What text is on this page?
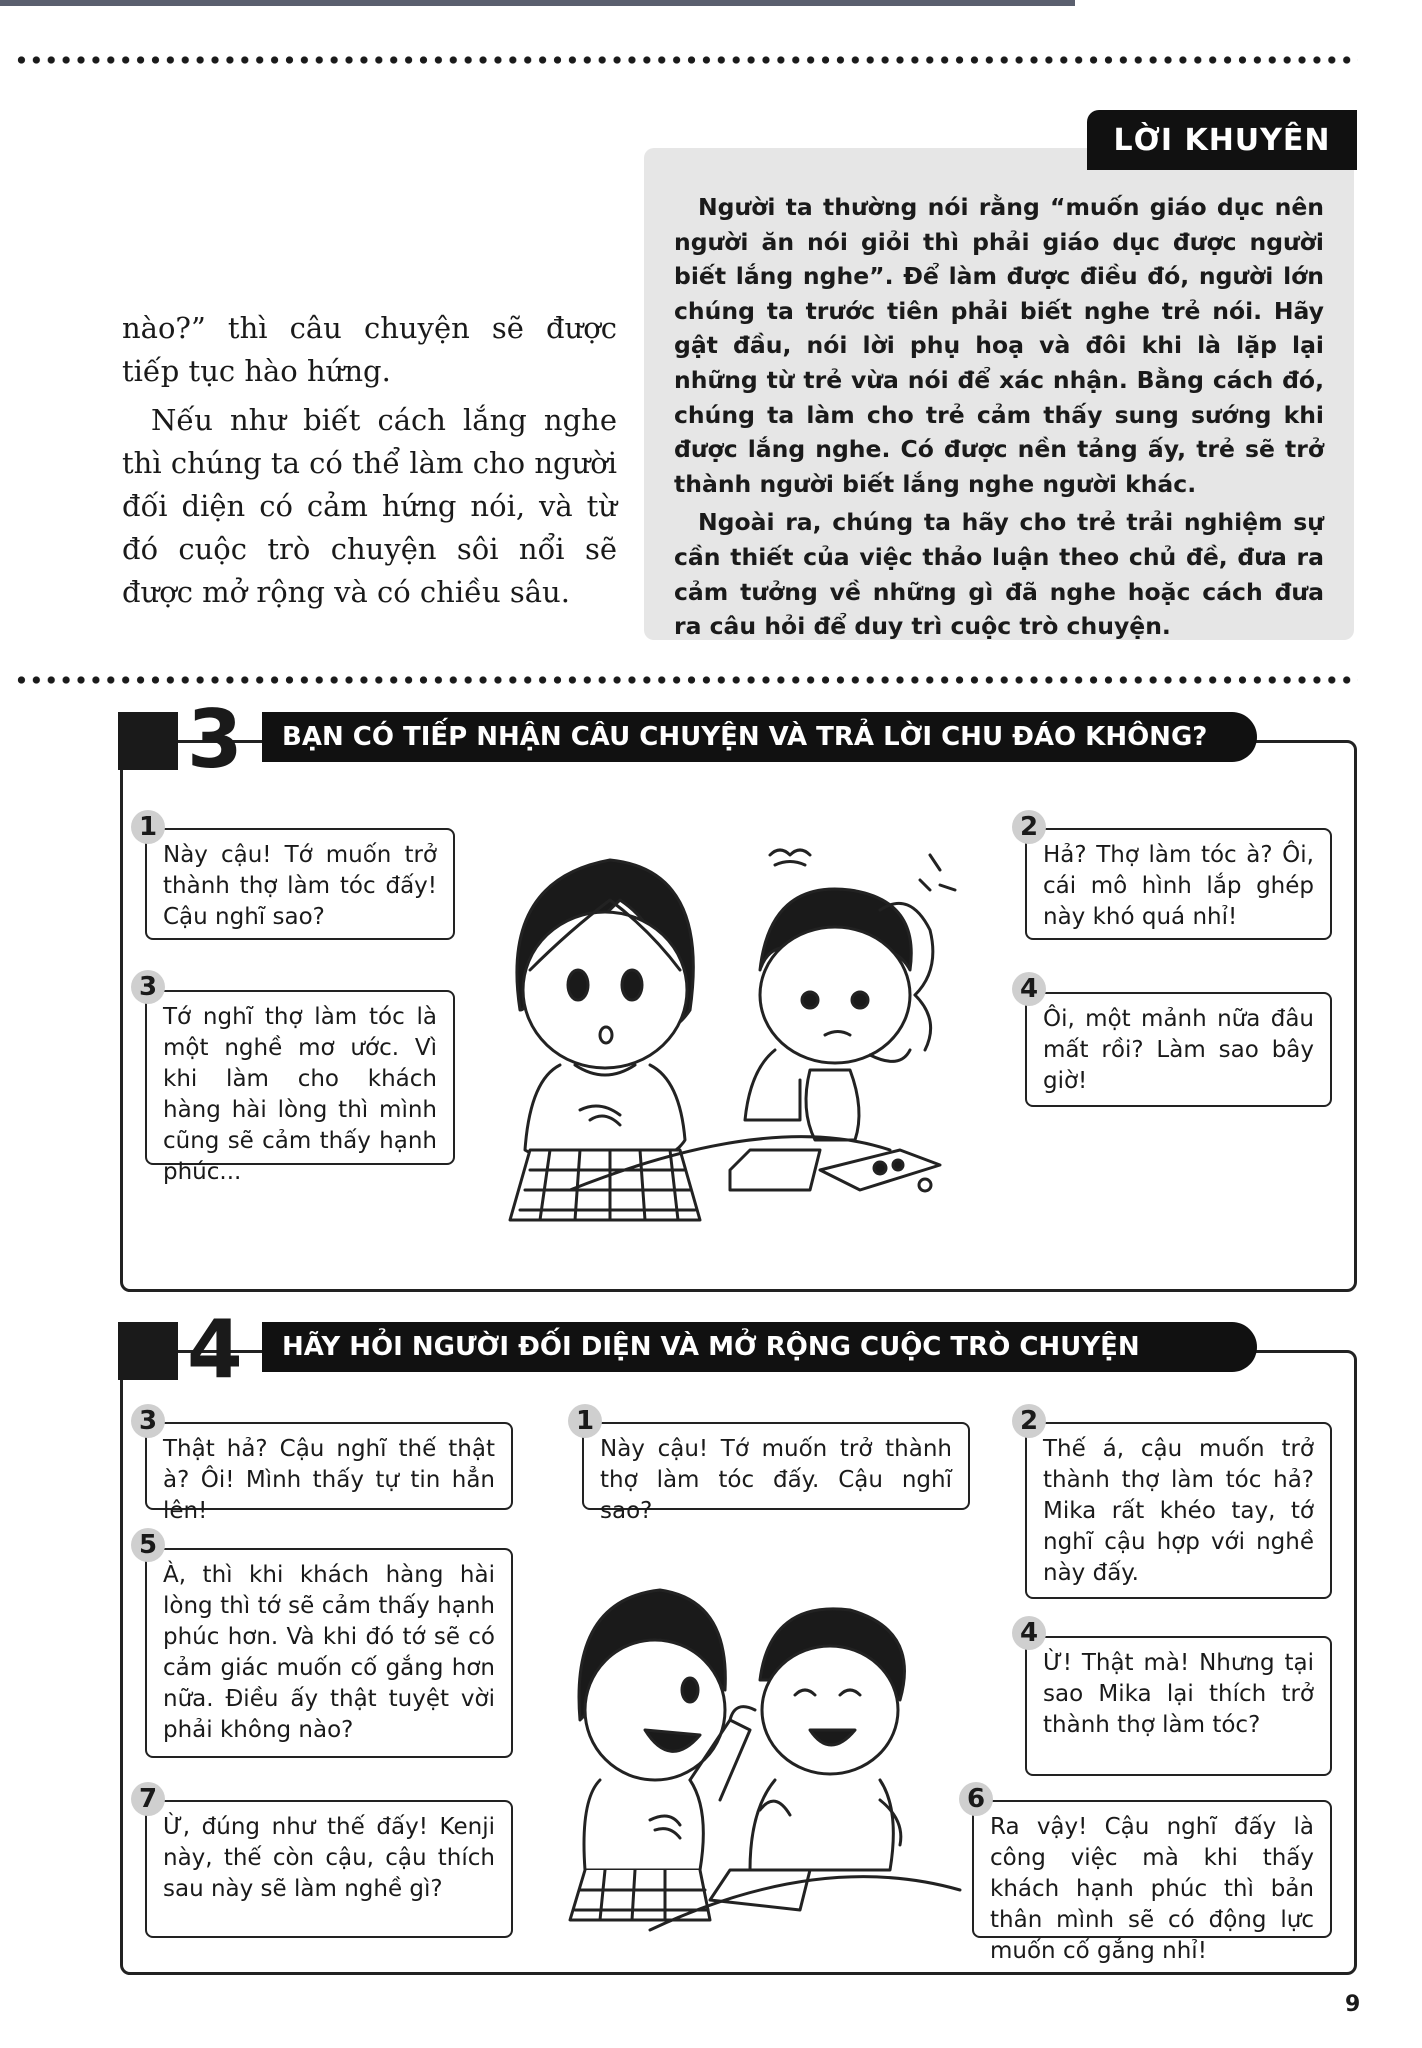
nào?” thì câu chuyện sẽ được tiếp tục hào hứng.

Nếu như biết cách lắng nghe thì chúng ta có thể làm cho người đối diện có cảm hứng nói, và từ đó cuộc trò chuyện sôi nổi sẽ được mở rộng và có chiều sâu.

Người ta thường nói rằng “muốn giáo dục nên người ăn nói giỏi thì phải giáo dục được người biết lắng nghe”. Để làm được điều đó, người lớn chúng ta trước tiên phải biết nghe trẻ nói. Hãy gật đầu, nói lời phụ hoạ và đôi khi là lặp lại những từ trẻ vừa nói để xác nhận. Bằng cách đó, chúng ta làm cho trẻ cảm thấy sung sướng khi được lắng nghe. Có được nền tảng ấy, trẻ sẽ trở thành người biết lắng nghe người khác.

Ngoài ra, chúng ta hãy cho trẻ trải nghiệm sự cần thiết của việc thảo luận theo chủ đề, đưa ra cảm tưởng về những gì đã nghe hoặc cách đưa ra câu hỏi để duy trì cuộc trò chuyện.

LỜI KHUYÊN
3	BẠN CÓ TIẾP NHẬN CÂU CHUYỆN VÀ TRẢ LỜI CHU ĐÁO KHÔNG?
Này cậu! Tớ muốn trở thành thợ làm tóc đấy! Cậu nghĩ sao?
1
Hả? Thợ làm tóc à? Ôi, cái mô hình lắp ghép này khó quá nhỉ!
2
Tớ nghĩ thợ làm tóc là một nghề mơ ước. Vì khi làm cho khách hàng hài lòng thì mình cũng sẽ cảm thấy hạnh phúc...
3
Ôi, một mảnh nữa đâu mất rồi? Làm sao bây giờ!
4
4	HÃY HỎI NGƯỜI ĐỐI DIỆN VÀ MỞ RỘNG CUỘC TRÒ CHUYỆN
Thật hả? Cậu nghĩ thế thật à? Ôi! Mình thấy tự tin hẳn lên!
3
Này cậu! Tớ muốn trở thành thợ làm tóc đấy. Cậu nghĩ sao?
1
Thế á, cậu muốn trở thành thợ làm tóc hả? Mika rất khéo tay, tớ nghĩ cậu hợp với nghề này đấy.
2
À, thì khi khách hàng hài lòng thì tớ sẽ cảm thấy hạnh phúc hơn. Và khi đó tớ sẽ có cảm giác muốn cố gắng hơn nữa. Điều ấy thật tuyệt vời phải không nào?
5
Ừ! Thật mà! Nhưng tại sao Mika lại thích trở thành thợ làm tóc?
4
Ừ, đúng như thế đấy! Kenji này, thế còn cậu, cậu thích sau này sẽ làm nghề gì?
7
Ra vậy! Cậu nghĩ đấy là công việc mà khi thấy khách hạnh phúc thì bản thân mình sẽ có động lực muốn cố gắng nhỉ!
6
9
